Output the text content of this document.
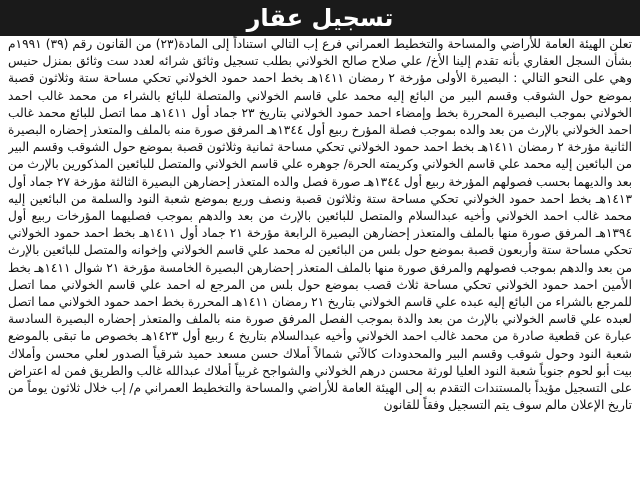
تسجيل عقار

تعلن الهيئة العامة للأراضي والمساحة والتخطيط العمراني فرع إب التالي استناداً إلى المادة(٢٣) من القانون رقم (٣٩) ١٩٩١م بشأن السجل العقاري بأنه تقدم إلينا الأخ/ علي صلاح صالح الخولاني بطلب تسجيل وثائق شرائه لعدد ست وثائق بمنزل حنيس وهي على النحو التالي : البصيرة الأولى مؤرخة ٢ رمضان ١٤١١هـ بخط احمد حمود الخولاني تحكي مساحة ستة وثلاثون قصبة بموضع حول الشوقب وقسم البير من البائع إليه محمد علي قاسم الخولاني والمتصلة للبائع بالشراء من محمد غالب احمد الخولاني بموجب البصيرة المحررة بخط وإمضاء احمد حمود الخولاني بتاريخ ٢٣ جماد أول ١٤١١هـ مما اتصل للبائع محمد غالب احمد الخولاني بالإرث من بعد والده بموجب فصلة المؤرخ ربيع أول ١٣٤٤هـ المرفق صورة منه بالملف والمتعذر إحضاره البصيرة الثانية مؤرخة ٢ رمضان ١٤١١هـ بخط احمد حمود الخولاني تحكي مساحة ثمانية وثلاثون قصبة بموضع حول الشوقب وقسم البير من البائعين إليه محمد علي قاسم الخولاني وكريمته الحرة/ جوهره علي قاسم الخولاني والمتصل للبائعين المذكورين بالإرث من بعد والديهما بحسب فصولهم المؤرخة ربيع أول ١٣٤٤هـ صورة فصل والده المتعذر إحضارهن البصيرة الثالثة مؤرخة ٢٧ جماد أول ١٤١٣هـ بخط احمد حمود الخولاني تحكي مساحة ستة وثلاثون قصبة ونصف وربع بموضع شعبة النود والسلمة من البائعين إليه محمد غالب احمد الخولاني وأخيه عبدالسلام والمتصل للبائعين بالإرث من بعد والدهم بموجب فصليهما المؤرخات ربيع أول ١٣٩٤هـ المرفق صورة منها بالملف والمتعذر إحضارهن البصيرة الرابعة مؤرخة ٢١ جماد أول ١٤١١هـ بخط احمد حمود الخولاني تحكي مساحة ستة وأربعون قصبة بموضع حول بلس من البائعين له محمد علي قاسم الخولاني وإخوانه والمتصل للبائعين بالإرث من بعد والدهم بموجب فصولهم والمرفق صورة منها بالملف المتعذر إحضارهن البصيرة الخامسة مؤرخة ٢١ شوال ١٤١١هـ بخط الأمين احمد حمود الخولاني تحكي مساحة ثلاث قصب بموضع حول بلس من المرجع له احمد علي قاسم الخولاني مما اتصل للمرجع بالشراء من البائع إليه عبده علي قاسم الخولاني بتاريخ ٢١ رمضان ١٤١١هـ المحررة بخط احمد حمود الخولاني مما اتصل لعبده علي قاسم الخولاني بالإرث من بعد والدة بموجب الفصل المرفق صورة منه بالملف والمتعذر إحضاره البصيرة السادسة عبارة عن قطعية صادرة من محمد غالب احمد الخولاني وأخيه عبدالسلام بتاريخ ٤ ربيع أول ١٤٢٣هـ بخصوص ما تبقى بالموضع شعبة النود وحول شوقب وقسم البير والمحدودات كالآتي شمالاً أملاك حسن مسعد حميد شرقياً الصدور لعلي محسن وأملاك بيت أبو لحوم جنوباً شعبة النود العليا لورثة محسن درهم الخولاني والشواجح غربياً أملاك عبدالله غالب والطريق فمن له اعتراض على التسجيل مؤيداً بالمستندات التقدم به إلى الهيئة العامة للأراضي والمساحة والتخطيط العمراني م/ إب خلال ثلاثون يوماً من تاريخ الإعلان مالم سوف يتم التسجيل وفقاً للقانون
